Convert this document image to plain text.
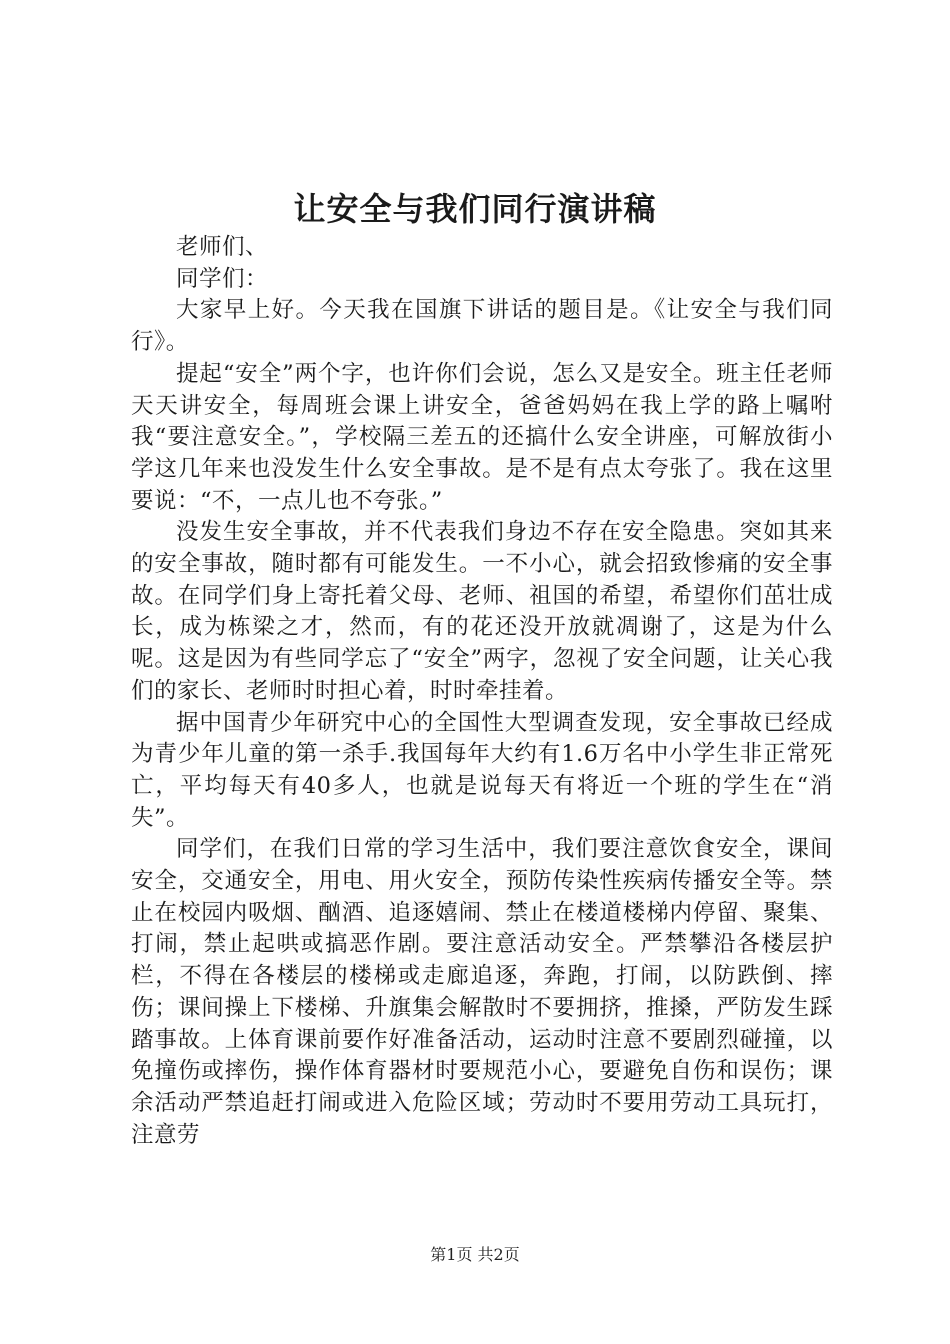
让安全与我们同行演讲稿

老师们、

同学们：

大家早上好。今天我在国旗下讲话的题目是。《让安全与我们同行》。

提起“安全”两个字，也许你们会说，怎么又是安全。班主任老师天天讲安全，每周班会课上讲安全，爸爸妈妈在我上学的路上嘱咐我“要注意安全。”，学校隔三差五的还搞什么安全讲座，可解放街小学这几年来也没发生什么安全事故。是不是有点太夸张了。我在这里要说：“不，一点儿也不夸张。”

没发生安全事故，并不代表我们身边不存在安全隐患。突如其来的安全事故，随时都有可能发生。一不小心，就会招致惨痛的安全事故。在同学们身上寄托着父母、老师、祖国的希望，希望你们茁壮成长，成为栋梁之才，然而，有的花还没开放就凋谢了，这是为什么呢。这是因为有些同学忘了“安全”两字，忽视了安全问题，让关心我们的家长、老师时时担心着，时时牵挂着。

据中国青少年研究中心的全国性大型调查发现，安全事故已经成为青少年儿童的第一杀手.我国每年大约有1.6万名中小学生非正常死亡，平均每天有40多人，也就是说每天有将近一个班的学生在“消失”。

同学们，在我们日常的学习生活中，我们要注意饮食安全，课间安全，交通安全，用电、用火安全，预防传染性疾病传播安全等。禁止在校园内吸烟、酗酒、追逐嬉闹、禁止在楼道楼梯内停留、聚集、打闹，禁止起哄或搞恶作剧。要注意活动安全。严禁攀沿各楼层护栏，不得在各楼层的楼梯或走廊追逐，奔跑，打闹，以防跌倒、摔伤；课间操上下楼梯、升旗集会解散时不要拥挤，推搡，严防发生踩踏事故。上体育课前要作好准备活动，运动时注意不要剧烈碰撞，以免撞伤或摔伤，操作体育器材时要规范小心，要避免自伤和误伤；课余活动严禁追赶打闹或进入危险区域；劳动时不要用劳动工具玩打，注意劳

第1页 共2页
